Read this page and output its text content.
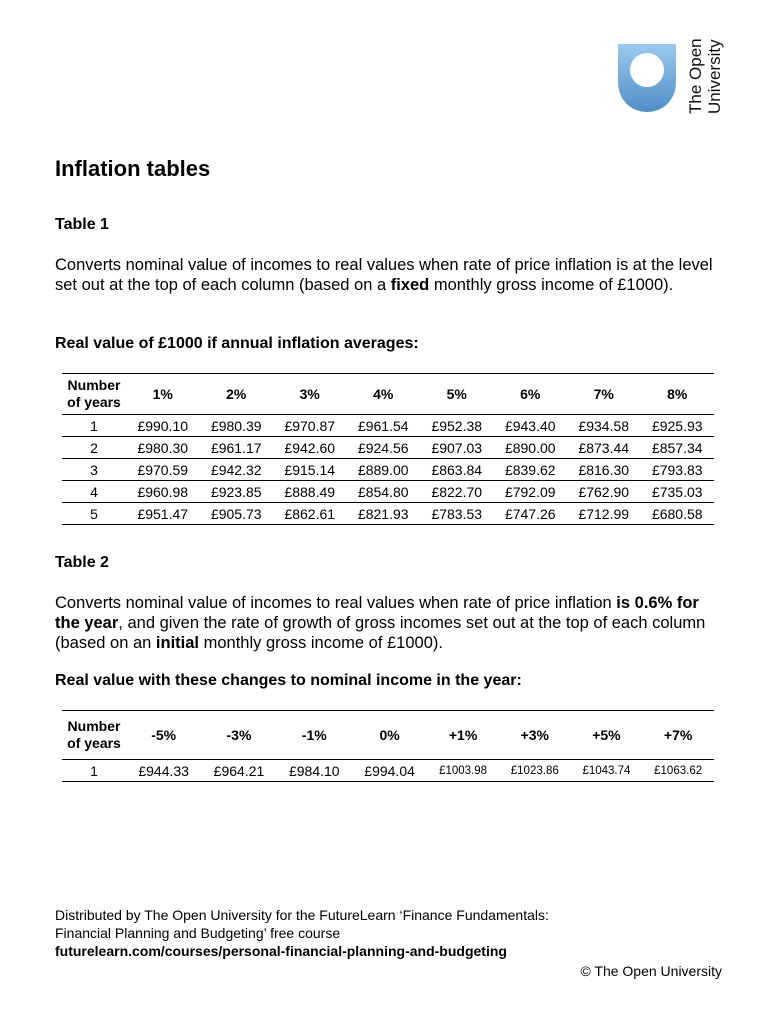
The Open University
Inflation tables

Table 1

Converts nominal value of incomes to real values when rate of price inflation is at the level set out at the top of each column (based on a fixed monthly gross income of £1000).

Real value of £1000 if annual inflation averages:

Number of years	1%	2%	3%	4%	5%	6%	7%	8%
1	£990.10	£980.39	£970.87	£961.54	£952.38	£943.40	£934.58	£925.93
2	£980.30	£961.17	£942.60	£924.56	£907.03	£890.00	£873.44	£857.34
3	£970.59	£942.32	£915.14	£889.00	£863.84	£839.62	£816.30	£793.83
4	£960.98	£923.85	£888.49	£854.80	£822.70	£792.09	£762.90	£735.03
5	£951.47	£905.73	£862.61	£821.93	£783.53	£747.26	£712.99	£680.58

Table 2

Converts nominal value of incomes to real values when rate of price inflation is 0.6% for the year, and given the rate of growth of gross incomes set out at the top of each column (based on an initial monthly gross income of £1000).

Real value with these changes to nominal income in the year:

Number of years	-5%	-3%	-1%	0%	+1%	+3%	+5%	+7%
1	£944.33	£964.21	£984.10	£994.04	£1003.98	£1023.86	£1043.74	£1063.62

Distributed by The Open University for the FutureLearn ‘Finance Fundamentals:
Financial Planning and Budgeting’ free course
futurelearn.com/courses/personal-financial-planning-and-budgeting

© The Open University
